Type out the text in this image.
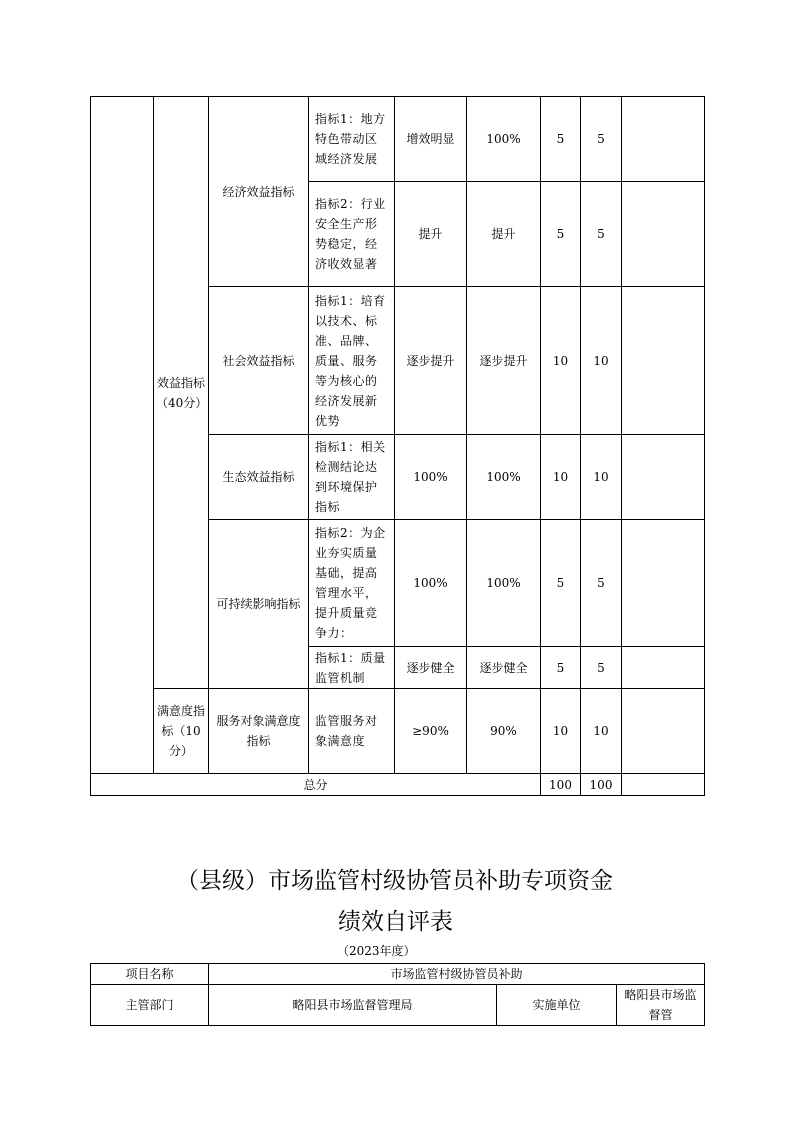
	效益指标（40分）	经济效益指标	指标1：地方特色带动区域经济发展	增效明显	100%	5	5	
			指标2：行业安全生产形势稳定，经济收效显著	提升	提升	5	5	
		社会效益指标	指标1：培育以技术、标准、品牌、质量、服务等为核心的经济发展新优势	逐步提升	逐步提升	10	10	
		生态效益指标	指标1：相关检测结论达到环境保护指标	100%	100%	10	10	
		可持续影响指标	指标2：为企业夯实质量基础，提高管理水平，提升质量竞争力：	100%	100%	5	5	
			指标1：质量监管机制	逐步健全	逐步健全	5	5	
	满意度指标（10分）	服务对象满意度指标	监管服务对象满意度	≥90%	90%	10	10	
总分						100	100	
（县级）市场监管村级协管员补助专项资金
绩效自评表
（2023年度）
项目名称	市场监管村级协管员补助		
主管部门	略阳县市场监督管理局	实施单位	略阳县市场监督管
